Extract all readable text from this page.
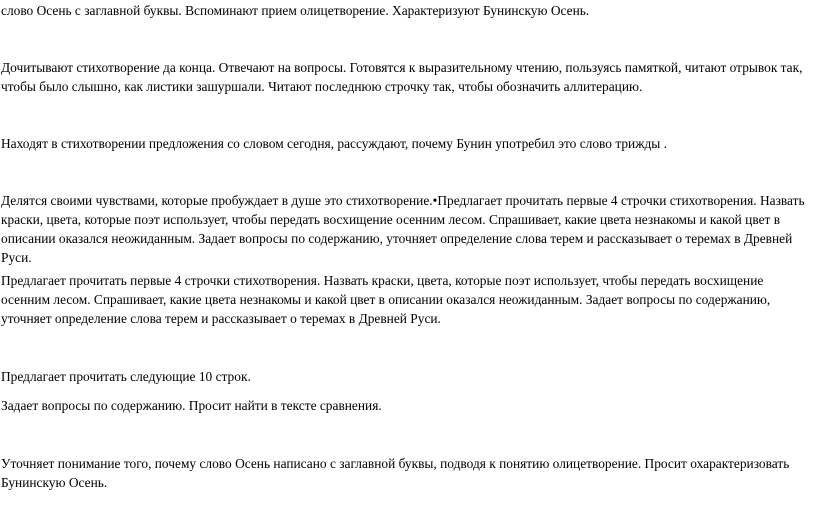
слово Осень с заглавной буквы. Вспоминают прием олицетворение. Характеризуют Бунинскую Осень.

Дочитывают стихотворение да конца. Отвечают на вопросы. Готовятся к выразительному чтению, пользуясь памяткой, читают отрывок так, чтобы было слышно, как листики зашуршали. Читают последнюю строчку так, чтобы обозначить аллитерацию.

Находят в стихотворении предложения со словом сегодня, рассуждают, почему Бунин употребил это слово трижды .

Делятся своими чувствами, которые пробуждает в душе это стихотворение.•Предлагает прочитать первые 4 строчки стихотворения. Назвать краски, цвета, которые поэт использует, чтобы передать восхищение осенним лесом. Спрашивает, какие цвета незнакомы и какой цвет в описании оказался неожиданным. Задает вопросы по содержанию, уточняет определение слова терем и рассказывает о теремах в Древней Руси.

Предлагает прочитать первые 4 строчки стихотворения. Назвать краски, цвета, которые поэт использует, чтобы передать восхищение осенним лесом. Спрашивает, какие цвета незнакомы и какой цвет в описании оказался неожиданным. Задает вопросы по содержанию, уточняет определение слова терем и рассказывает о теремах в Древней Руси.

Предлагает прочитать следующие 10 строк.

Задает вопросы по содержанию. Просит найти в тексте сравнения.

Уточняет понимание того, почему слово Осень написано с заглавной буквы, подводя к понятию олицетворение. Просит охарактеризовать Бунинскую Осень.
